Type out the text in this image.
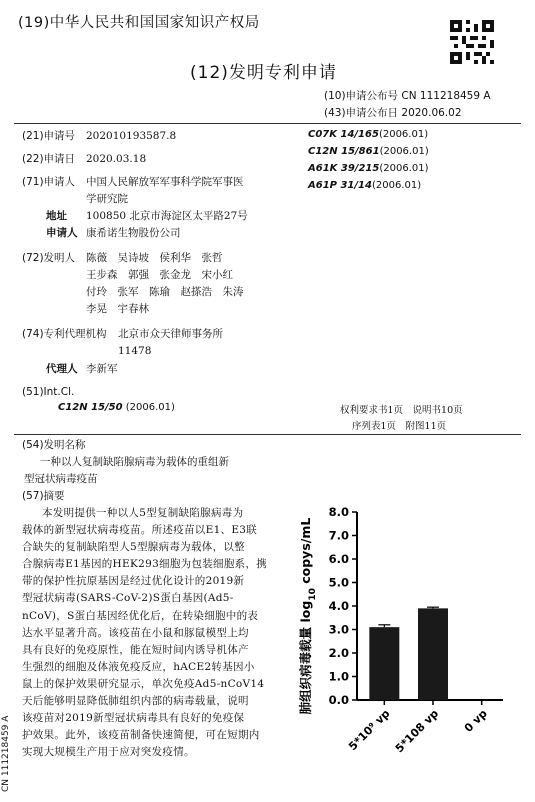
(19)中华人民共和国国家知识产权局
(12)发明专利申请
(10)申请公布号 CN 111218459 A
(43)申请公布日 2020.06.02
(21)申请号 202010193587.8
(22)申请日 2020.03.18
(71)申请人 中国人民解放军军事科学院军事医
学研究院
地址 100850 北京市海淀区太平路27号
申请人 康希诺生物股份公司
(72)发明人 陈薇　吴诗坡　侯利华　张哲
王步森　郭强　张金龙　宋小红
付玲　张军　陈瑜　赵搽浩　朱涛
李晃　宇春林
(74)专利代理机构 北京市众天律师事务所
11478
代理人 李新军
(51)Int.Cl.
C12N 15/50 (2006.01)
C07K 14/165(2006.01)
C12N 15/861(2006.01)
A61K 39/215(2006.01)
A61P 31/14(2006.01)
权利要求书1页　说明书10页
序列表1页　附图11页
(54)发明名称
一种以人复制缺陷腺病毒为载体的重组新
型冠状病毒疫苗
(57)摘要
本发明提供一种以人5型复制缺陷腺病毒为
载体的新型冠状病毒疫苗。所述疫苗以E1、E3联
合缺失的复制缺陷型人5型腺病毒为载体，以整
合腺病毒E1基因的HEK293细胞为包装细胞系，携
带的保护性抗原基因是经过优化设计的2019新
型冠状病毒(SARS-CoV-2)S蛋白基因(Ad5-
nCoV)，S蛋白基因经优化后，在转染细胞中的表
达水平显著升高。该疫苗在小鼠和豚鼠模型上均
具有良好的免疫原性，能在短时间内诱导机体产
生强烈的细胞及体液免疫反应，hACE2转基因小
鼠上的保护效果研究显示，单次免疫Ad5-nCoV14
天后能够明显降低肺组织内部的病毒载量，说明
该疫苗对2019新型冠状病毒具有良好的免疫保
护效果。此外，该疫苗制备快速简便，可在短期内
实现大规模生产用于应对突发疫情。
0.0
1.0
2.0
3.0
4.0
5.0
6.0
7.0
8.0
5*10⁹ vp 5*108 vp 0 vp
肺组织病毒载量 $\log_{10}$ copys/mL
CN 111218459 A
